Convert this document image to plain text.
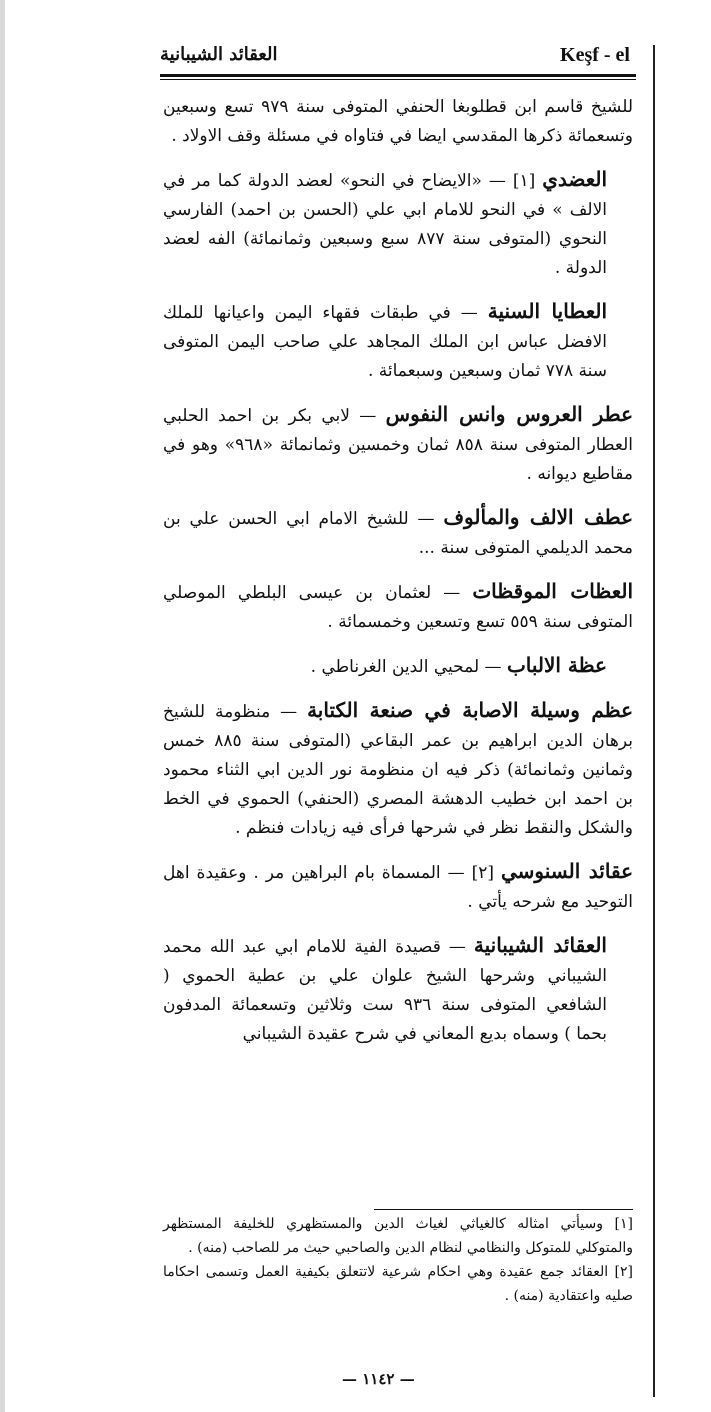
العقائد الشيبانية	Keşf - el
للشيخ قاسم ابن قطلوبغا الحنفي المتوفى سنة ٩٧٩ تسع وسبعين وتسعمائة ذكرها المقدسي ايضا في فتاواه في مسئلة وقف الاولاد .
العضدي [١] — «الايضاح في النحو» لعضد الدولة كما مر في الالف » في النحو للامام ابي علي (الحسن بن احمد) الفارسي النحوي (المتوفى سنة ٨٧٧ سبع وسبعين وثمانمائة) الفه لعضد الدولة .
العطايا السنية — في طبقات فقهاء اليمن واعيانها للملك الافضل عباس ابن الملك المجاهد علي صاحب اليمن المتوفى سنة ٧٧٨ ثمان وسبعين وسبعمائة .
عطر العروس وانس النفوس — لابي بكر بن احمد الحلبي العطار المتوفى سنة ٨٥٨ ثمان وخمسين وثمانمائة «٩٦٨» وهو في مقاطيع ديوانه .
عطف الالف والمألوف — للشيخ الامام ابي الحسن علي بن محمد الديلمي المتوفى سنة ...
العظات الموقظات — لعثمان بن عيسى البلطي الموصلي المتوفى سنة ٥٥٩ تسع وتسعين وخمسمائة .
عظة الالباب — لمحيي الدين الغرناطي .
عظم وسيلة الاصابة في صنعة الكتابة — منظومة للشيخ برهان الدين ابراهيم بن عمر البقاعي (المتوفى سنة ٨٨٥ خمس وثمانين وثمانمائة) ذكر فيه ان منظومة نور الدين ابي الثناء محمود بن احمد ابن خطيب الدهشة المصري (الحنفي) الحموي في الخط والشكل والنقط نظر في شرحها فرأى فيه زيادات فنظم .
عقائد السنوسي [٢] — المسماة بام البراهين مر . وعقيدة اهل التوحيد مع شرحه يأتي .
العقائد الشيبانية — قصيدة الفية للامام ابي عبد الله محمد الشيباني وشرحها الشيخ علوان علي بن عطية الحموي ( الشافعي المتوفى سنة ٩٣٦ ست وثلاثين وتسعمائة المدفون بحما ) وسماه بديع المعاني في شرح عقيدة الشيباني

[١] وسيأتي امثاله كالغياثي لغياث الدين والمستظهري للخليفة المستظهر والمتوكلي للمتوكل والنظامي لنظام الدين والصاحبي حيث مر للصاحب (منه) .

[٢] العقائد جمع عقيدة وهي احكام شرعية لاتتعلق بكيفية العمل وتسمى احكاما صليه واعتقادية (منه) .

— ١١٤٢ —
